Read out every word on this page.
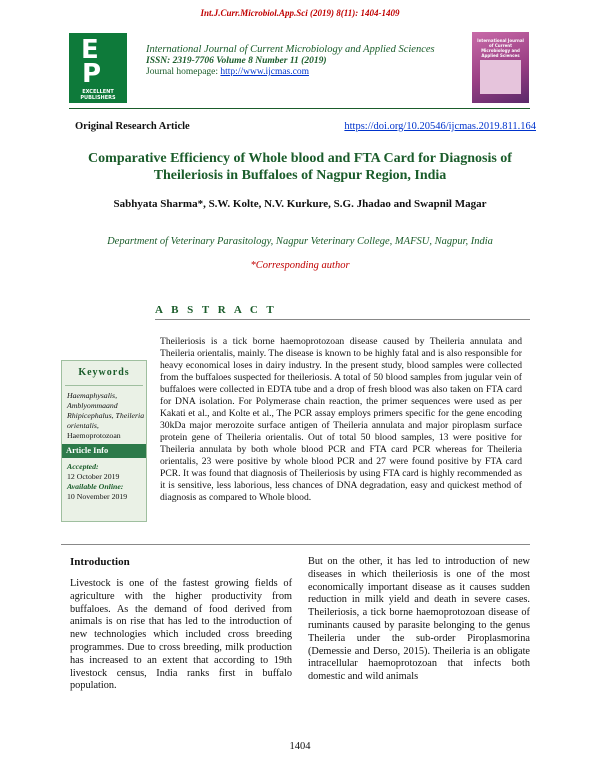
Int.J.Curr.Microbiol.App.Sci (2019) 8(11): 1404-1409
E
P
EXCELLENT PUBLISHERS
International Journal of Current Microbiology and Applied Sciences
ISSN: 2319-7706 Volume 8 Number 11 (2019)
Journal homepage: http://www.ijcmas.com
International Journal of Current Microbiology and Applied Sciences
Original Research Article	https://doi.org/10.20546/ijcmas.2019.811.164
Comparative Efficiency of Whole blood and FTA Card for Diagnosis of Theileriosis in Buffaloes of Nagpur Region, India
Sabhyata Sharma*, S.W. Kolte, N.V. Kurkure, S.G. Jhadao and Swapnil Magar
Department of Veterinary Parasitology, Nagpur Veterinary College, MAFSU, Nagpur, India
*Corresponding author
A B S T R A C T
Theileriosis is a tick borne haemoprotozoan disease caused by Theileria annulata and Theileria orientalis, mainly. The disease is known to be highly fatal and is also responsible for heavy economical loses in dairy industry. In the present study, blood samples were collected from the buffaloes suspected for theileriosis. A total of 50 blood samples from jugular vein of buffaloes were collected in EDTA tube and a drop of fresh blood was also taken on FTA card for DNA isolation. For Polymerase chain reaction, the primer sequences were used as per Kakati et al., and Kolte et al., The PCR assay employs primers specific for the gene encoding 30kDa major merozoite surface antigen of Theileria annulata and major piroplasm surface protein gene of Theileria orientalis. Out of total 50 blood samples, 13 were positive for Theileria annulata by both whole blood PCR and FTA card PCR whereas for Theileria orientalis, 23 were positive by whole blood PCR and 27 were found positive by FTA card PCR. It was found that diagnosis of Theileriosis by using FTA card is highly recommended as it is sensitive, less laborious, less chances of DNA degradation, easy and quickest method of diagnosis as compared to Whole blood.
Keywords
Haemaphysalis, Amblyommaand Rhipicephalus, Theileria orientalis,
Haemoprotozoan
Article Info
Accepted:
12 October 2019
Available Online:
10 November 2019
Introduction
Livestock is one of the fastest growing fields of agriculture with the higher productivity from buffaloes. As the demand of food derived from animals is on rise that has led to the introduction of new technologies which included cross breeding programmes. Due to cross breeding, milk production has increased to an extent that according to 19th livestock census, India ranks first in buffalo population.
But on the other, it has led to introduction of new diseases in which theileriosis is one of the most economically important disease as it causes sudden reduction in milk yield and death in severe cases. Theileriosis, a tick borne haemoprotozoan disease of ruminants caused by parasite belonging to the genus Theileria under the sub-order Piroplasmorina (Demessie and Derso, 2015). Theileria is an obligate intracellular haemoprotozoan that infects both domestic and wild animals
1404
